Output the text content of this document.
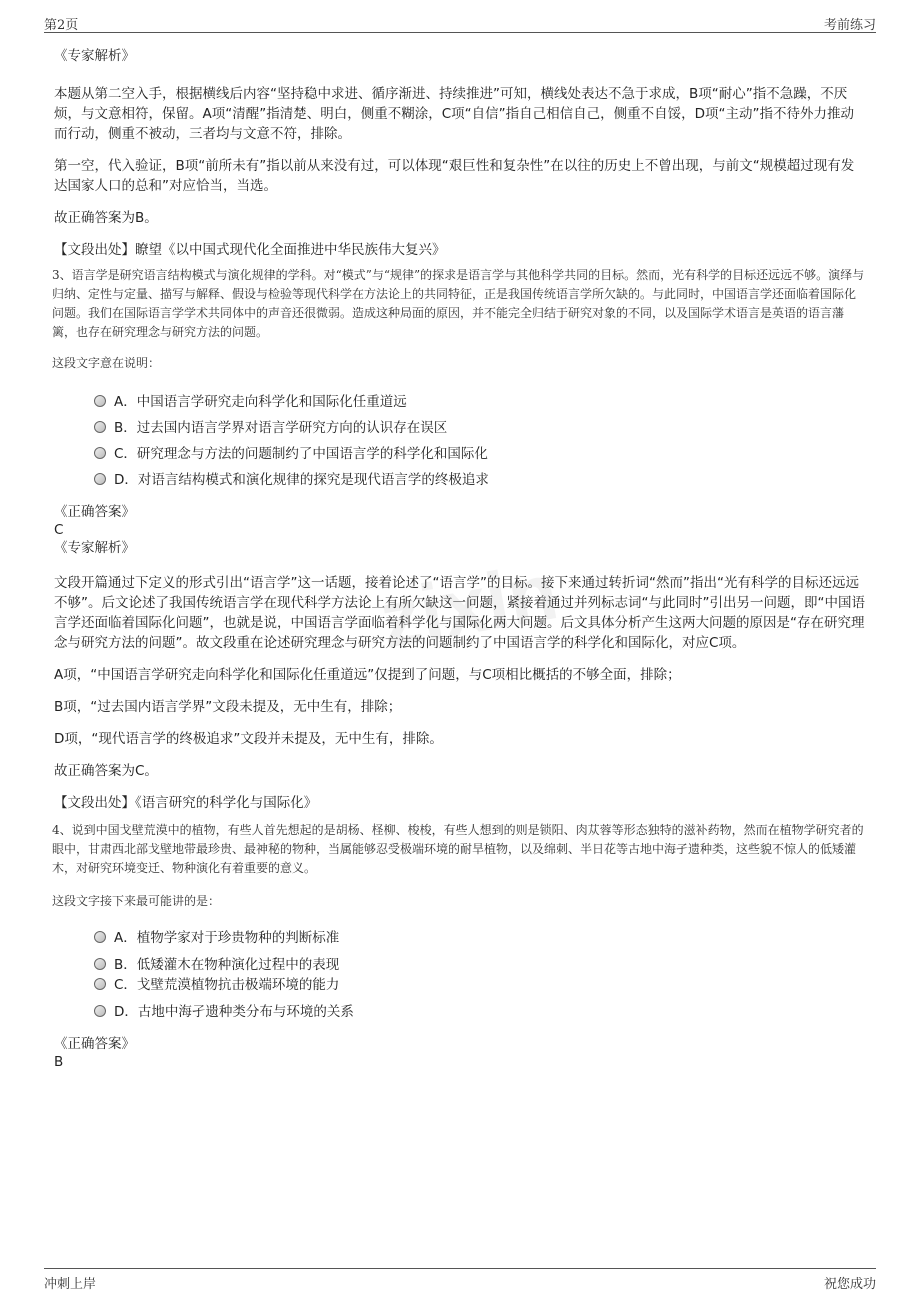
第2页	考前练习
zixin
《专家解析》

本题从第二空入手，根据横线后内容“坚持稳中求进、循序渐进、持续推进”可知，横线处表达不急于求成，B项“耐心”指不急躁，不厌烦，与文意相符，保留。A项“清醒”指清楚、明白，侧重不糊涂，C项“自信”指自己相信自己，侧重不自馁，D项“主动”指不待外力推动而行动，侧重不被动，三者均与文意不符，排除。

第一空，代入验证，B项“前所未有”指以前从来没有过，可以体现“艰巨性和复杂性”在以往的历史上不曾出现，与前文“规模超过现有发达国家人口的总和”对应恰当，当选。

故正确答案为B。

【文段出处】瞭望《以中国式现代化全面推进中华民族伟大复兴》

3、语言学是研究语言结构模式与演化规律的学科。对“模式”与“规律”的探求是语言学与其他科学共同的目标。然而，光有科学的目标还远远不够。演绎与归纳、定性与定量、描写与解释、假设与检验等现代科学在方法论上的共同特征，正是我国传统语言学所欠缺的。与此同时，中国语言学还面临着国际化问题。我们在国际语言学学术共同体中的声音还很微弱。造成这种局面的原因，并不能完全归结于研究对象的不同，以及国际学术语言是英语的语言藩篱，也存在研究理念与研究方法的问题。

这段文字意在说明：

A．中国语言学研究走向科学化和国际化任重道远
B．过去国内语言学界对语言学研究方向的认识存在误区
C．研究理念与方法的问题制约了中国语言学的科学化和国际化
D．对语言结构模式和演化规律的探究是现代语言学的终极追求
《正确答案》
C
《专家解析》

文段开篇通过下定义的形式引出“语言学”这一话题，接着论述了“语言学”的目标。接下来通过转折词“然而”指出“光有科学的目标还远远不够”。后文论述了我国传统语言学在现代科学方法论上有所欠缺这一问题，紧接着通过并列标志词“与此同时”引出另一问题，即“中国语言学还面临着国际化问题”，也就是说，中国语言学面临着科学化与国际化两大问题。后文具体分析产生这两大问题的原因是“存在研究理念与研究方法的问题”。故文段重在论述研究理念与研究方法的问题制约了中国语言学的科学化和国际化，对应C项。

A项，“中国语言学研究走向科学化和国际化任重道远”仅提到了问题，与C项相比概括的不够全面，排除；

B项，“过去国内语言学界”文段未提及，无中生有，排除；

D项，“现代语言学的终极追求”文段并未提及，无中生有，排除。

故正确答案为C。

【文段出处】《语言研究的科学化与国际化》

4、说到中国戈壁荒漠中的植物，有些人首先想起的是胡杨、柽柳、梭梭，有些人想到的则是锁阳、肉苁蓉等形态独特的滋补药物，然而在植物学研究者的眼中，甘肃西北部戈壁地带最珍贵、最神秘的物种，当属能够忍受极端环境的耐旱植物，以及绵刺、半日花等古地中海孑遗种类，这些貌不惊人的低矮灌木，对研究环境变迁、物种演化有着重要的意义。

这段文字接下来最可能讲的是：

A．植物学家对于珍贵物种的判断标准
B．低矮灌木在物种演化过程中的表现
C．戈壁荒漠植物抗击极端环境的能力
D．古地中海孑遗种类分布与环境的关系
《正确答案》
B
冲刺上岸	祝您成功
